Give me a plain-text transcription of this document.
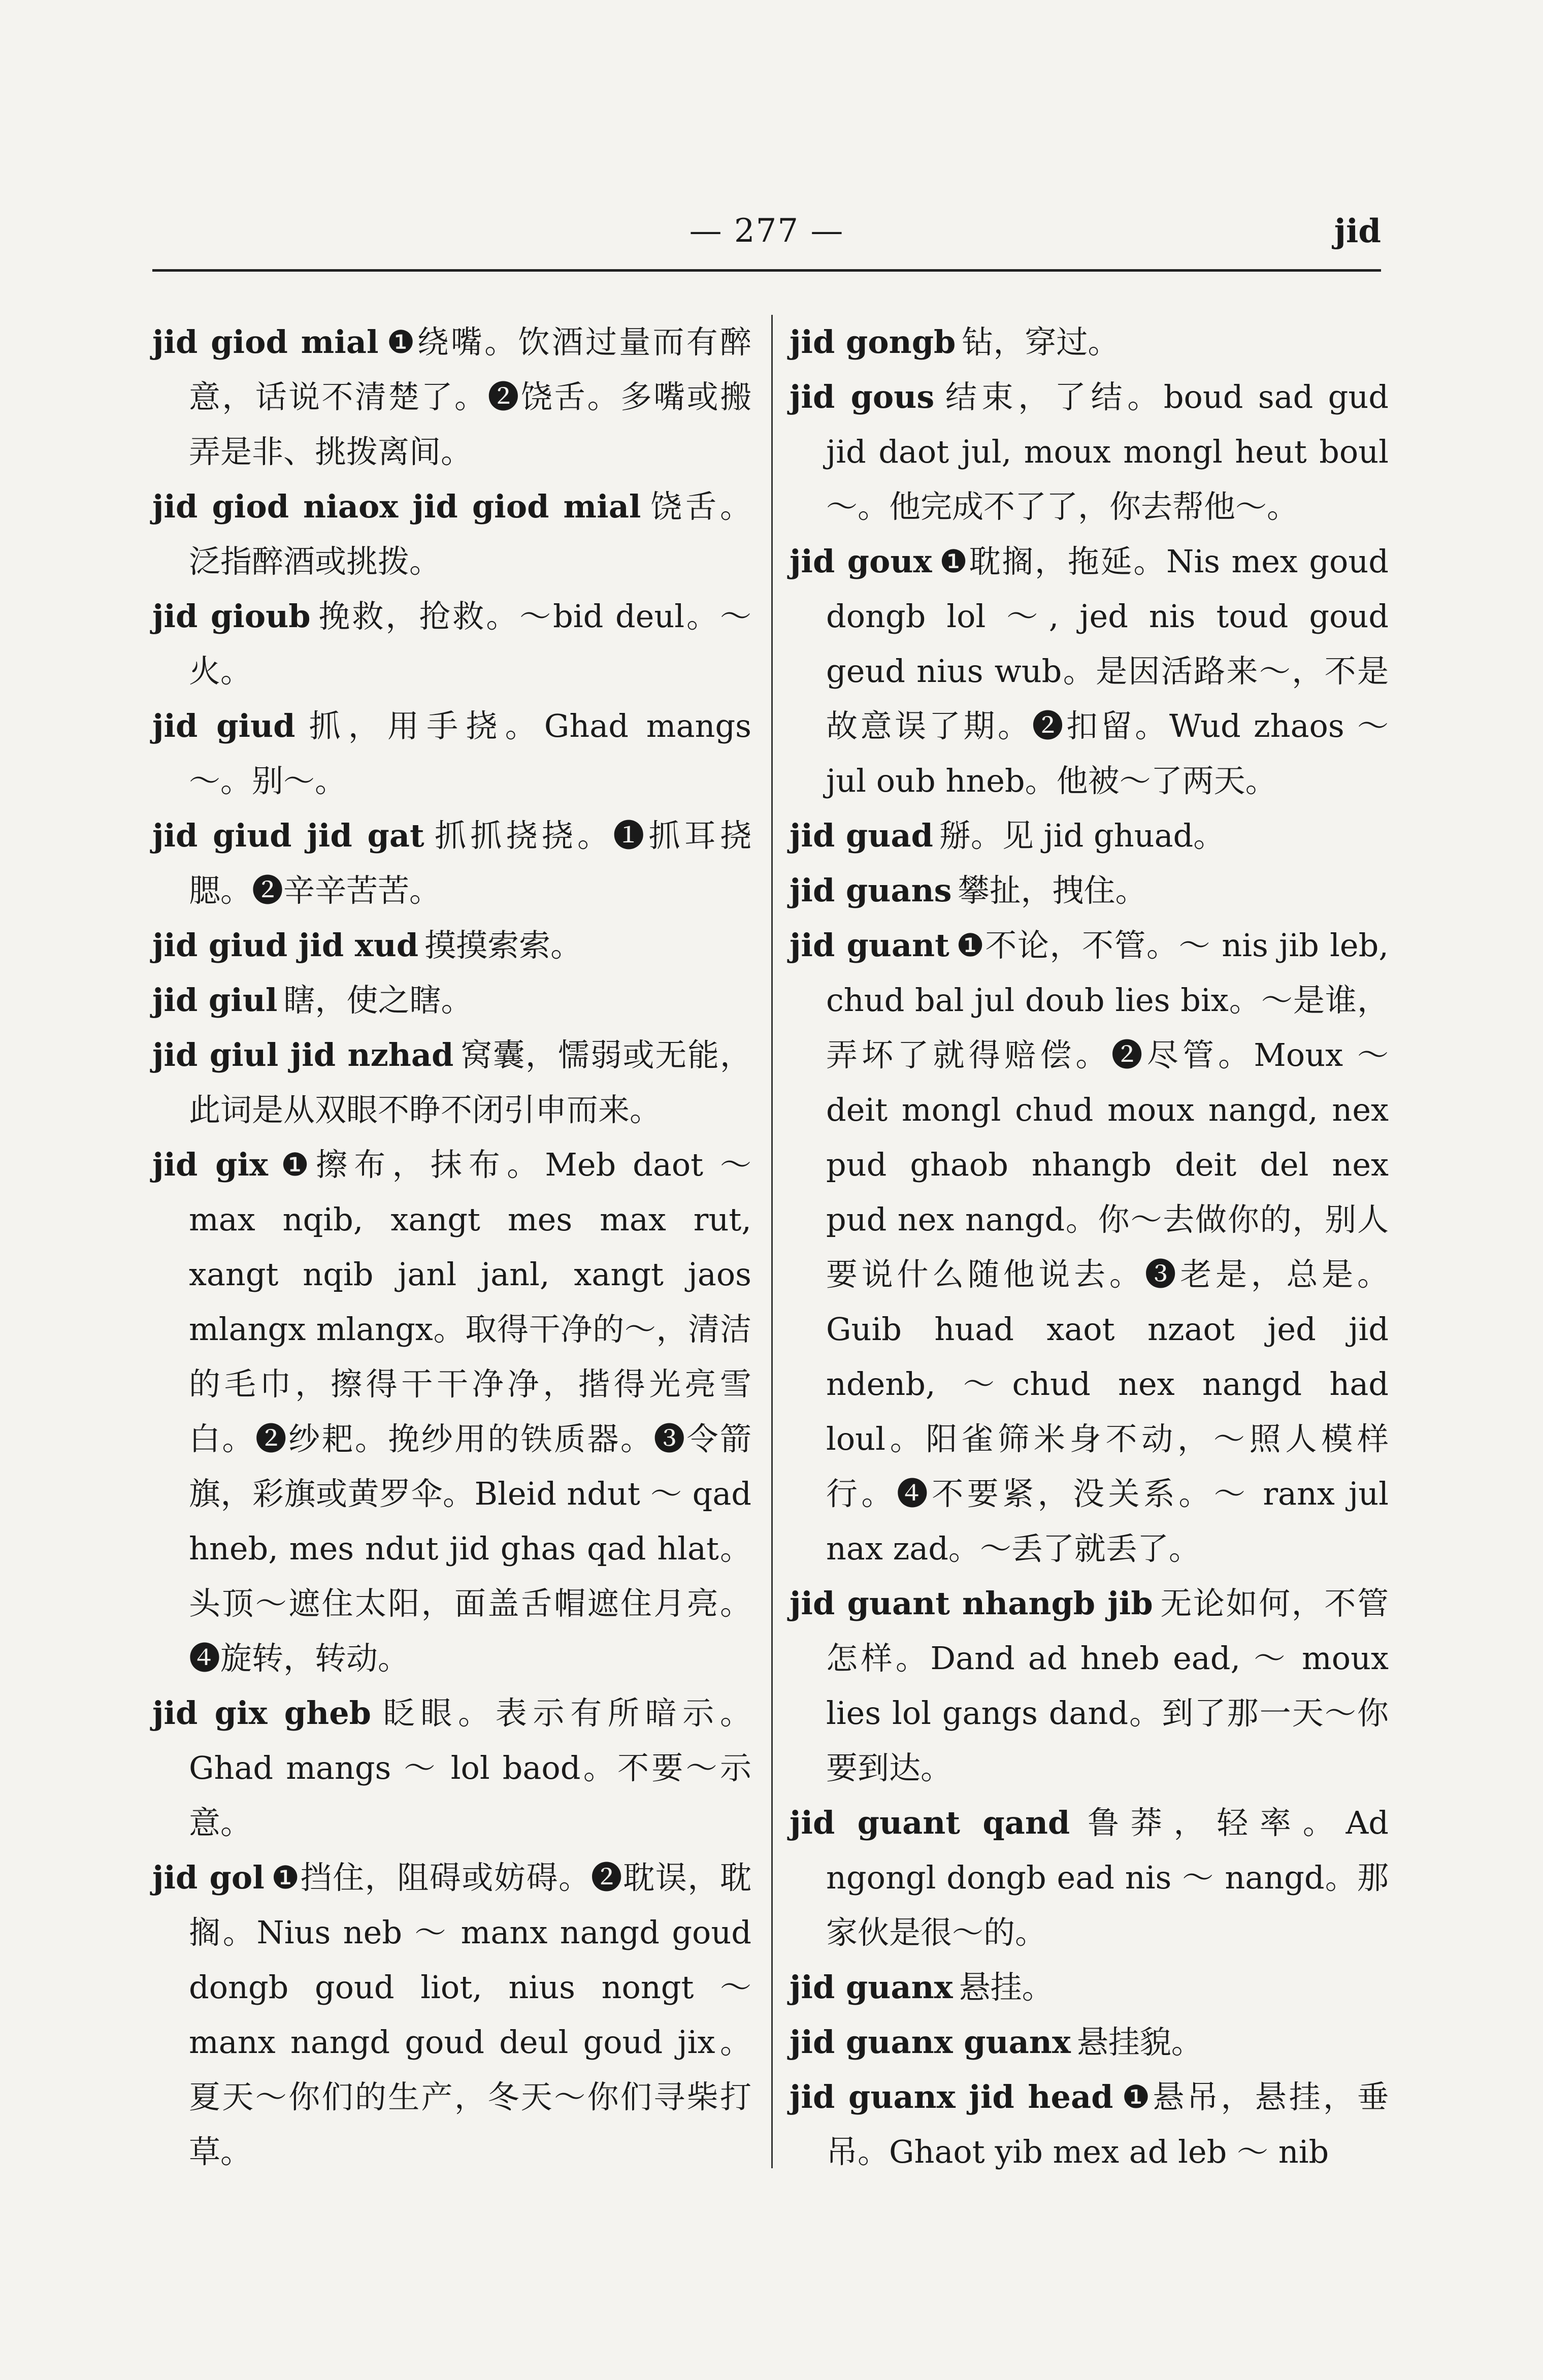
— 277 —	jid

jid giod mial ❶绕嘴。饮酒过量而有醉意，话说不清楚了。❷饶舌。多嘴或搬弄是非、挑拨离间。

jid giod niaox jid giod mial 饶舌。泛指醉酒或挑拨。

jid gioub 挽救，抢救。～bid deul。～火。

jid giud 抓，用手挠。Ghad mangs ～。别～。

jid giud jid gat 抓抓挠挠。❶抓耳挠腮。❷辛辛苦苦。

jid giud jid xud 摸摸索索。

jid giul 瞎，使之瞎。

jid giul jid nzhad 窝囊，懦弱或无能，此词是从双眼不睁不闭引申而来。

jid gix ❶擦布，抹布。Meb daot ～ max nqib, xangt mes max rut, xangt nqib janl janl, xangt jaos mlangx mlangx。取得干净的～，清洁的毛巾，擦得干干净净，揩得光亮雪白。❷纱耙。挽纱用的铁质器。❸令箭旗，彩旗或黄罗伞。Bleid ndut ～ qad hneb, mes ndut jid ghas qad hlat。头顶～遮住太阳，面盖舌帽遮住月亮。❹旋转，转动。

jid gix gheb 眨眼。表示有所暗示。Ghad mangs ～ lol baod。不要～示意。

jid gol ❶挡住，阻碍或妨碍。❷耽误，耽搁。Nius neb ～ manx nangd goud dongb goud liot, nius nongt ～ manx nangd goud deul goud jix。夏天～你们的生产，冬天～你们寻柴打草。

jid gongb 钻，穿过。

jid gous 结束，了结。boud sad gud jid daot jul, moux mongl heut boul ～。他完成不了了，你去帮他～。

jid goux ❶耽搁，拖延。Nis mex goud dongb lol ～, jed nis toud goud geud nius wub。是因活路来～，不是故意误了期。❷扣留。Wud zhaos ～ jul oub hneb。他被～了两天。

jid guad 掰。见 jid ghuad。

jid guans 攀扯，拽住。

jid guant ❶不论，不管。～ nis jib leb, chud bal jul doub lies bix。～是谁，弄坏了就得赔偿。❷尽管。Moux ～ deit mongl chud moux nangd, nex pud ghaob nhangb deit del nex pud nex nangd。你～去做你的，别人要说什么随他说去。❸老是，总是。Guib huad xaot nzaot jed jid ndenb, ～chud nex nangd had loul。阳雀筛米身不动，～照人模样行。❹不要紧，没关系。～ ranx jul nax zad。～丢了就丢了。

jid guant nhangb jib 无论如何，不管怎样。Dand ad hneb ead, ～ moux lies lol gangs dand。到了那一天～你要到达。

jid guant qand 鲁莽，轻率。Ad ngongl dongb ead nis ～ nangd。那家伙是很～的。

jid guanx 悬挂。

jid guanx guanx 悬挂貌。

jid guanx jid head ❶悬吊，悬挂，垂吊。Ghaot yib mex ad leb ～ nib
